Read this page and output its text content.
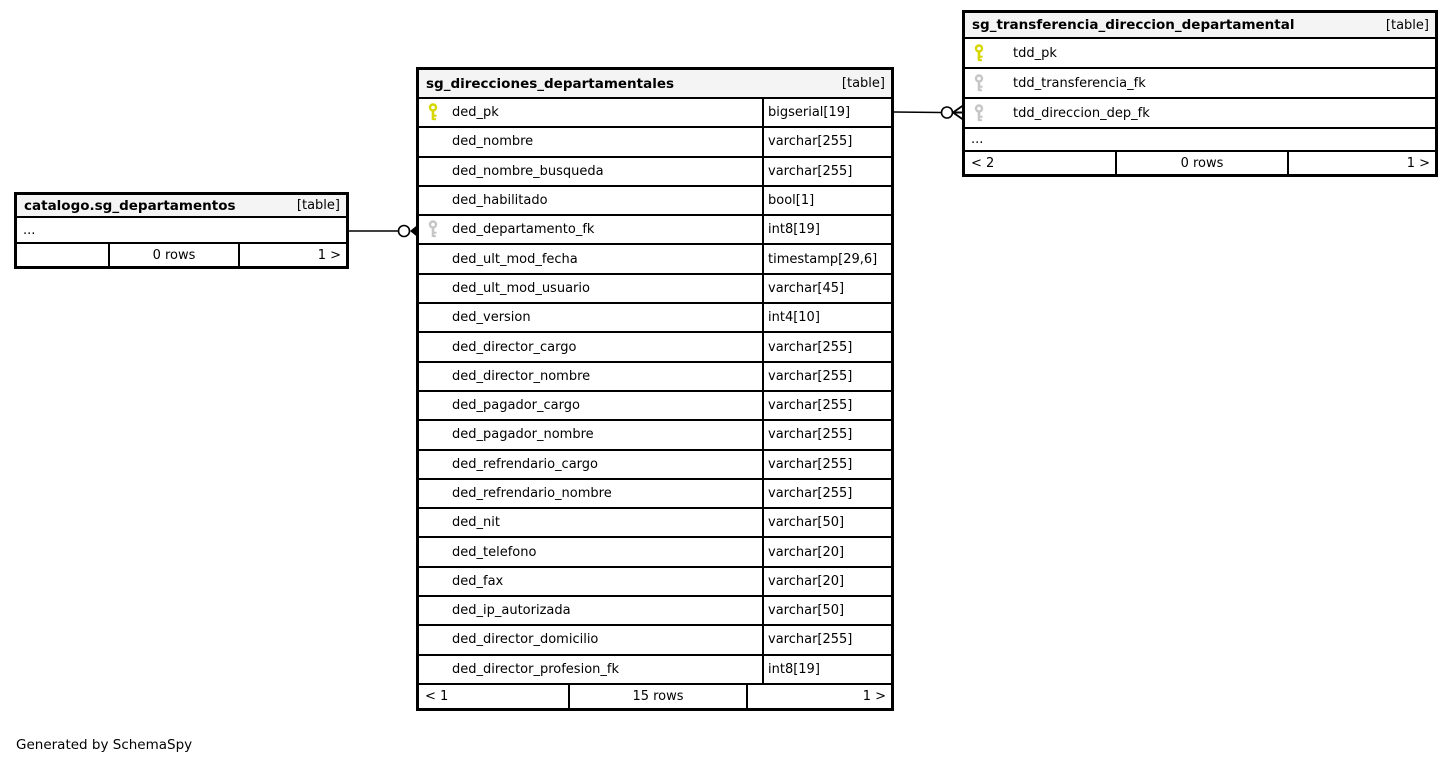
catalogo.sg_departamentos	[table]
...
0 rows	1 >
sg_direcciones_departamentales	[table]
ded_pk	bigserial[19]
ded_nombre	varchar[255]
ded_nombre_busqueda	varchar[255]
ded_habilitado	bool[1]
ded_departamento_fk	int8[19]
ded_ult_mod_fecha	timestamp[29,6]
ded_ult_mod_usuario	varchar[45]
ded_version	int4[10]
ded_director_cargo	varchar[255]
ded_director_nombre	varchar[255]
ded_pagador_cargo	varchar[255]
ded_pagador_nombre	varchar[255]
ded_refrendario_cargo	varchar[255]
ded_refrendario_nombre	varchar[255]
ded_nit	varchar[50]
ded_telefono	varchar[20]
ded_fax	varchar[20]
ded_ip_autorizada	varchar[50]
ded_director_domicilio	varchar[255]
ded_director_profesion_fk	int8[19]
< 1	15 rows	1 >
sg_transferencia_direccion_departamental	[table]
tdd_pk
tdd_transferencia_fk
tdd_direccion_dep_fk
...
< 2	0 rows	1 >
Generated by SchemaSpy
